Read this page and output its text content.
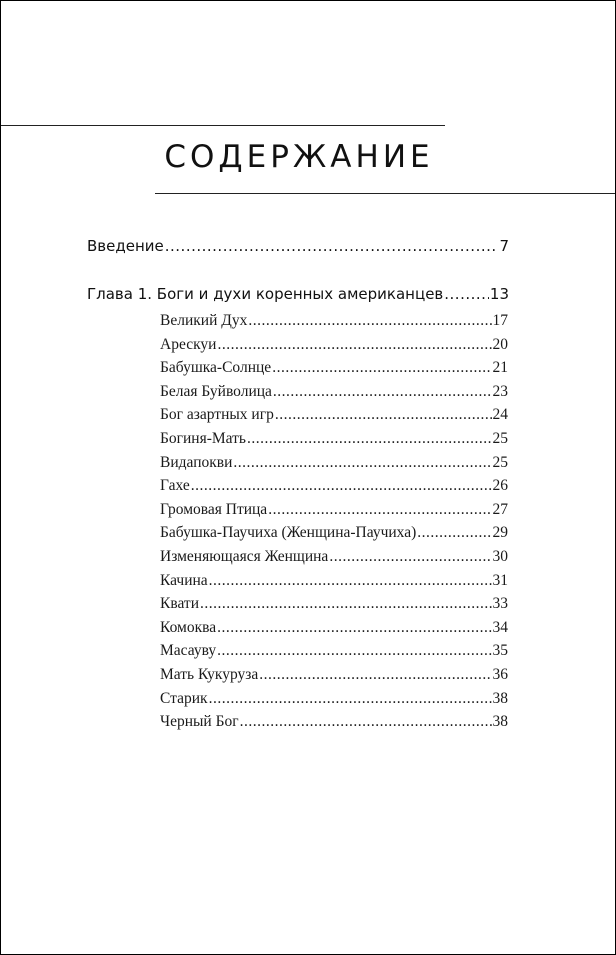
СОДЕРЖАНИЕ
Введение .....	7
Глава 1. Боги и духи коренных американцев .....	13
Великий Дух .....	17
Арескуи .....	20
Бабушка-Солнце .....	21
Белая Буйволица .....	23
Бог азартных игр .....	24
Богиня-Мать .....	25
Видапокви .....	25
Гахе .....	26
Громовая Птица .....	27
Бабушка-Паучиха (Женщина-Паучиха) .....	29
Изменяющаяся Женщина .....	30
Качина .....	31
Квати .....	33
Комоква .....	34
Масауву .....	35
Мать Кукуруза .....	36
Старик .....	38
Черный Бог .....	38
